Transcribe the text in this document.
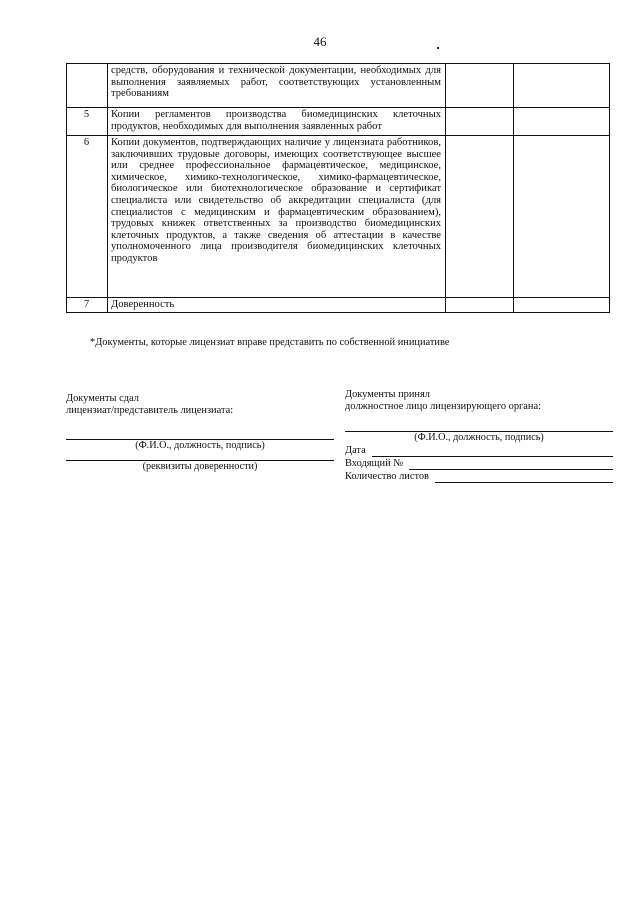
46
	средств, оборудования и технической документации, необходимых для выполнения заявляемых работ, соответствующих установленным требованиям		
5	Копии регламентов производства биомедицинских клеточных продуктов, необходимых для выполнения заявленных работ		
6	Копии документов, подтверждающих наличие у лицензиата работников, заключивших трудовые договоры, имеющих соответствующее высшее или среднее профессиональное фармацевтическое, медицинское, химическое, химико-технологическое, химико-фармацевтическое, биологическое или биотехнологическое образование и сертификат специалиста или свидетельство об аккредитации специалиста (для специалистов с медицинским и фармацевтическим образованием), трудовых книжек ответственных за производство биомедицинских клеточных продуктов, а также сведения об аттестации в качестве уполномоченного лица производителя биомедицинских клеточных продуктов		
7	Доверенность		
*Документы, которые лицензиат вправе представить по собственной инициативе
Документы сдал
лицензиат/представитель лицензиата:
(Ф.И.О., должность, подпись)
(реквизиты доверенности)
Документы принял
должностное лицо лицензирующего органа:
(Ф.И.О., должность, подпись)
Дата
Входящий №
Количество листов
